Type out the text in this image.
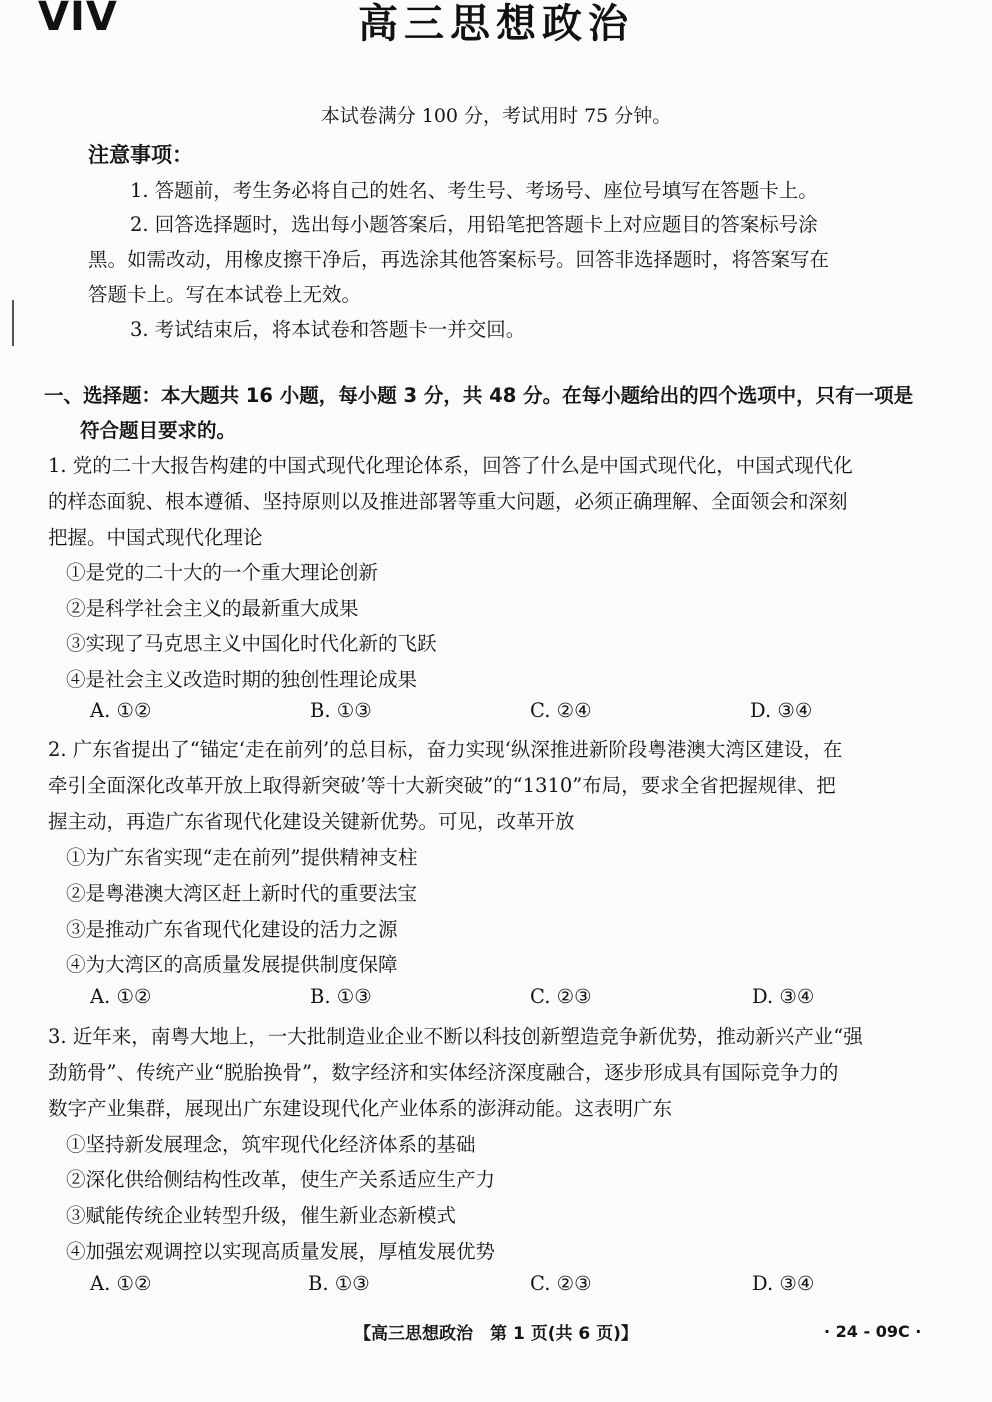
VIV	高三思想政治
本试卷满分 100 分，考试用时 75 分钟。
注意事项：
1. 答题前，考生务必将自己的姓名、考生号、考场号、座位号填写在答题卡上。
2. 回答选择题时，选出每小题答案后，用铅笔把答题卡上对应题目的答案标号涂
黑。如需改动，用橡皮擦干净后，再选涂其他答案标号。回答非选择题时，将答案写在
答题卡上。写在本试卷上无效。
3. 考试结束后，将本试卷和答题卡一并交回。
一、选择题：本大题共 16 小题，每小题 3 分，共 48 分。在每小题给出的四个选项中，只有一项是
符合题目要求的。
1. 党的二十大报告构建的中国式现代化理论体系，回答了什么是中国式现代化，中国式现代化
的样态面貌、根本遵循、坚持原则以及推进部署等重大问题，必须正确理解、全面领会和深刻
把握。中国式现代化理论
①是党的二十大的一个重大理论创新
②是科学社会主义的最新重大成果
③实现了马克思主义中国化时代化新的飞跃
④是社会主义改造时期的独创性理论成果
A. ①②	B. ①③	C. ②④	D. ③④
2. 广东省提出了“锚定‘走在前列’的总目标，奋力实现‘纵深推进新阶段粤港澳大湾区建设，在
牵引全面深化改革开放上取得新突破’等十大新突破”的“1310”布局，要求全省把握规律、把
握主动，再造广东省现代化建设关键新优势。可见，改革开放
①为广东省实现“走在前列”提供精神支柱
②是粤港澳大湾区赶上新时代的重要法宝
③是推动广东省现代化建设的活力之源
④为大湾区的高质量发展提供制度保障
A. ①②	B. ①③	C. ②③	D. ③④
3. 近年来，南粤大地上，一大批制造业企业不断以科技创新塑造竞争新优势，推动新兴产业“强
劲筋骨”、传统产业“脱胎换骨”，数字经济和实体经济深度融合，逐步形成具有国际竞争力的
数字产业集群，展现出广东建设现代化产业体系的澎湃动能。这表明广东
①坚持新发展理念，筑牢现代化经济体系的基础
②深化供给侧结构性改革，使生产关系适应生产力
③赋能传统企业转型升级，催生新业态新模式
④加强宏观调控以实现高质量发展，厚植发展优势
A. ①②	B. ①③	C. ②③	D. ③④
【高三思想政治　第 1 页(共 6 页)】	· 24 - 09C ·
